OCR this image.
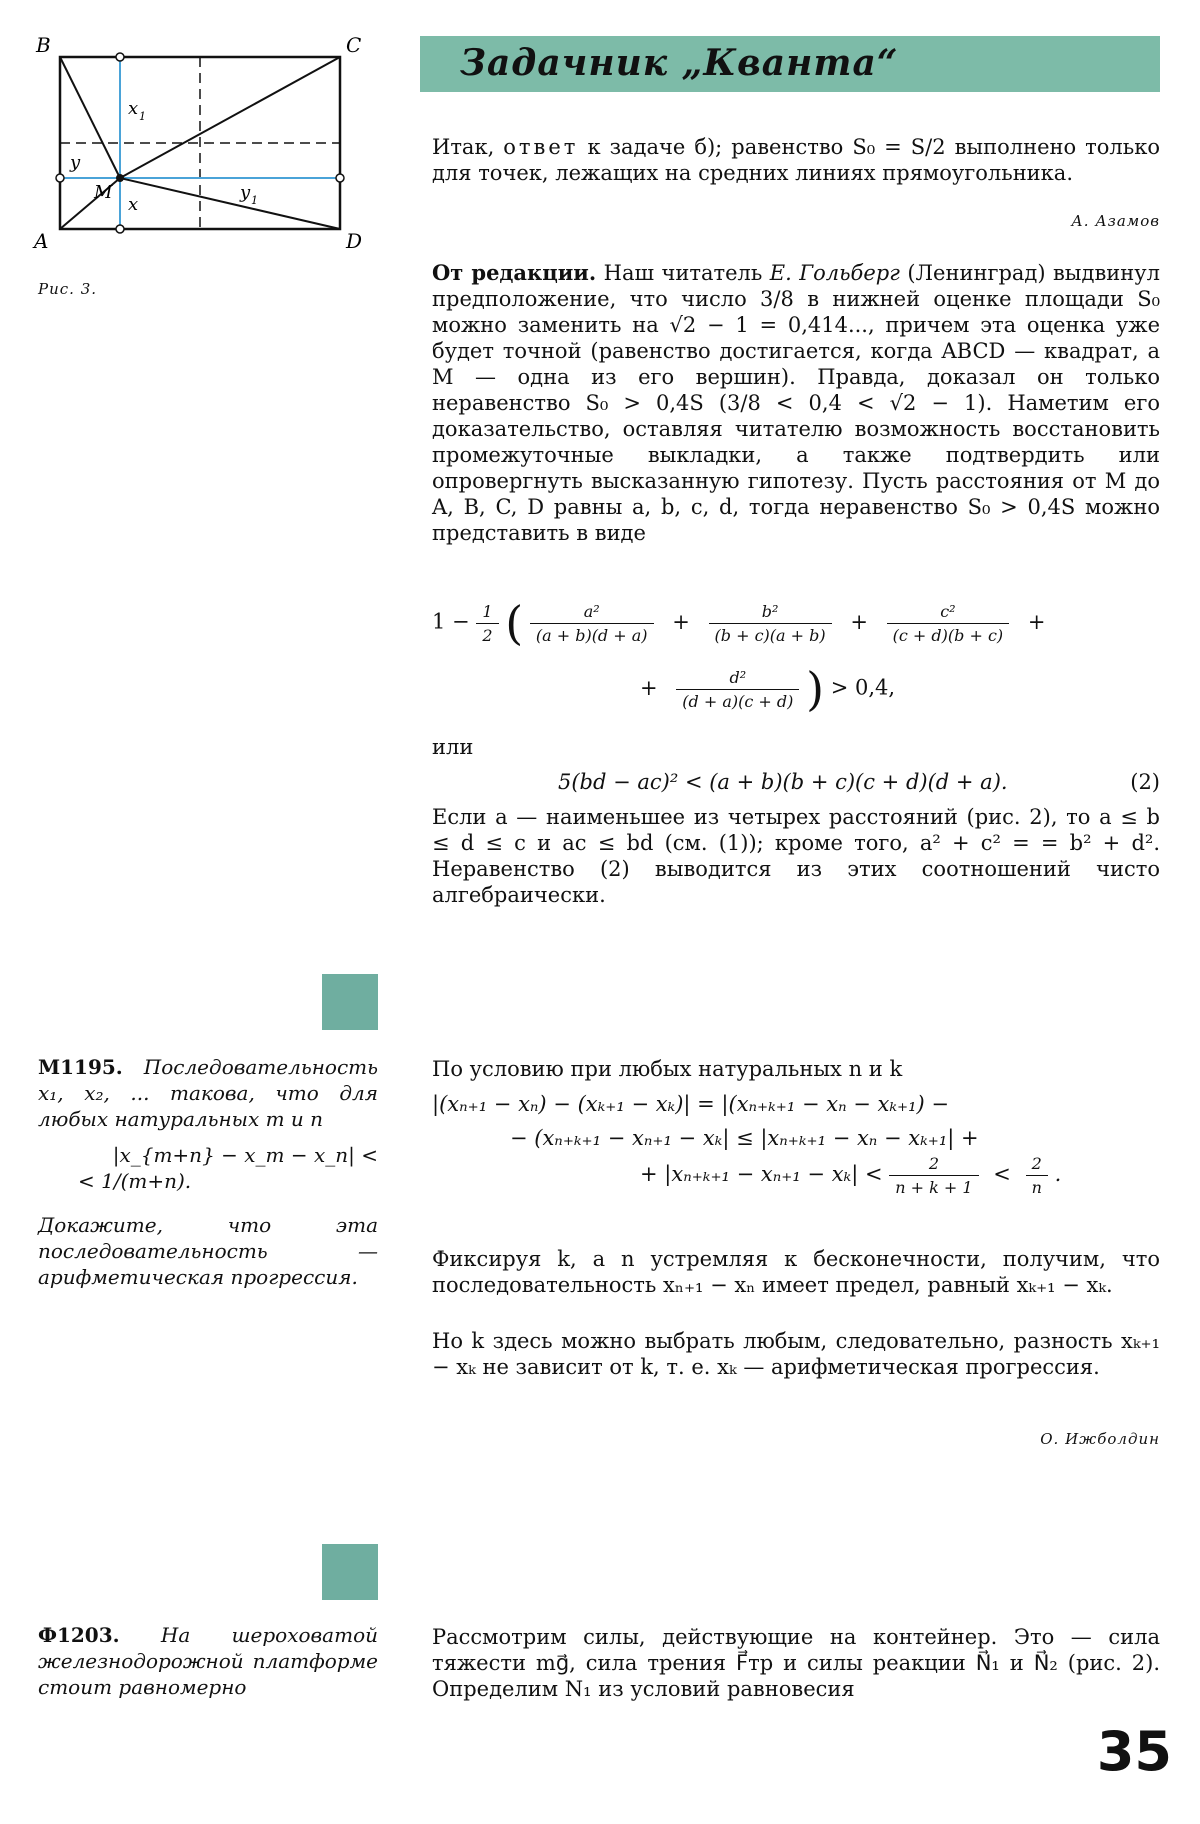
B	C
A	D
M
x 1
y
y 1
x
Рис. 3.
Задачник „Кванта“
Итак, ответ к задаче б); равенство S₀ = S/2 выполнено только для точек, лежащих на средних линиях прямоугольника.
А. Азамов
От редакции. Наш читатель Е. Гольберг (Ленинград) выдвинул предположение, что число 3/8 в нижней оценке площади S₀ можно заменить на √2 − 1 = 0,414..., причем эта оценка уже будет точной (равенство достигается, когда ABCD — квадрат, а M — одна из его вершин). Правда, доказал он только неравенство S₀ > 0,4S (3/8 < 0,4 < √2 − 1). Наметим его доказательство, оставляя читателю возможность восстановить промежуточные выкладки, а также подтвердить или опровергнуть высказанную гипотезу. Пусть расстояния от M до A, B, C, D равны a, b, c, d, тогда неравенство S₀ > 0,4S можно представить в виде
$1 - \frac{1}{2}$ ( $\frac{\text{a²}}{(a + b)(d + a)} + \frac{\text{b²}}{(b + c)(a + b)} + \frac{\text{c²}}{(c + d)(b + c)}$ +
+ $\frac{\text{d²}}{(d + a)(c + d)}$ ) > 0,4,
или
5(bd − ac)² < (a + b)(b + c)(c + d)(d + a).	(2)
Если a — наименьшее из четырех расстояний (рис. 2), то a ≤ b ≤ d ≤ c и ac ≤ bd (см. (1)); кроме того, a² + c² = = b² + d². Неравенство (2) выводится из этих соотношений чисто алгебраически.
М1195. Последовательность x₁, x₂, ... такова, что для любых натуральных m и n
|x_{m+n} − x_m − x_n| <
< 1/(m+n).
Докажите, что эта последовательность — арифметическая прогрессия.
По условию при любых натуральных n и k
|(xₙ₊₁ − xₙ) − (xₖ₊₁ − xₖ)| = |(xₙ₊ₖ₊₁ − xₙ − xₖ₊₁) −
− (xₙ₊ₖ₊₁ − xₙ₊₁ − xₖ| ≤ |xₙ₊ₖ₊₁ − xₙ − xₖ₊₁| +
+ $|x_{n+k+1} - x_{n+1} - x_k| < \frac{2}{n + k + 1} < \frac{2}{n}$ .
Фиксируя k, а n устремляя к бесконечности, получим, что последовательность xₙ₊₁ − xₙ имеет предел, равный xₖ₊₁ − xₖ.
Но k здесь можно выбрать любым, следовательно, разность xₖ₊₁ − xₖ не зависит от k, т. е. xₖ — арифметическая прогрессия.
О. Ижболдин
Ф1203. На шероховатой железнодорожной платформе стоит равномерно
Рассмотрим силы, действующие на контейнер. Это — сила тяжести mg⃗, сила трения F⃗тр и силы реакции N⃗₁ и N⃗₂ (рис. 2). Определим N₁ из условий равновесия
35
